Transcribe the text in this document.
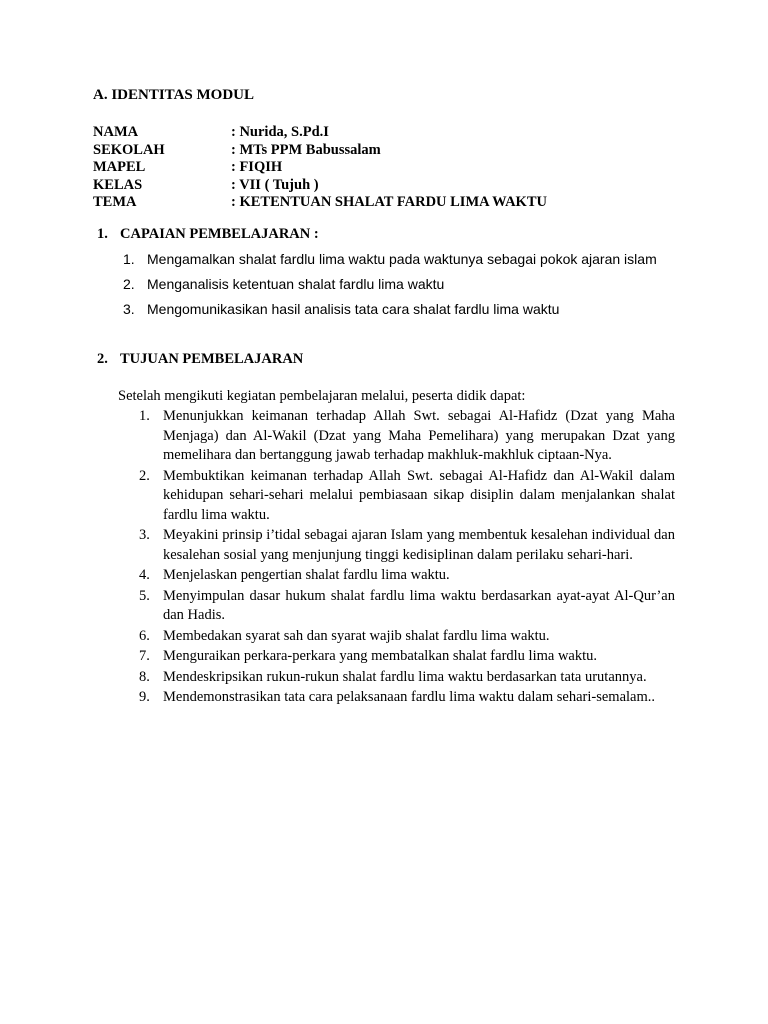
A. IDENTITAS MODUL
NAMA	: Nurida, S.Pd.I
SEKOLAH	: MTs PPM Babussalam
MAPEL	: FIQIH
KELAS	: VII ( Tujuh )
TEMA	: KETENTUAN SHALAT FARDU LIMA WAKTU
1. CAPAIAN PEMBELAJARAN :
1. Mengamalkan shalat fardlu lima waktu pada waktunya sebagai pokok ajaran islam
2. Menganalisis ketentuan shalat fardlu lima waktu
3. Mengomunikasikan hasil analisis tata cara shalat fardlu lima waktu
2. TUJUAN PEMBELAJARAN
Setelah mengikuti kegiatan pembelajaran melalui, peserta didik dapat:
1. Menunjukkan keimanan terhadap Allah Swt. sebagai Al-Hafidz (Dzat yang Maha Menjaga) dan Al-Wakil (Dzat yang Maha Pemelihara) yang merupakan Dzat yang memelihara dan bertanggung jawab terhadap makhluk-makhluk ciptaan-Nya.
2. Membuktikan keimanan terhadap Allah Swt. sebagai Al-Hafidz dan Al-Wakil dalam kehidupan sehari-sehari melalui pembiasaan sikap disiplin dalam menjalankan shalat fardlu lima waktu.
3. Meyakini prinsip i’tidal sebagai ajaran Islam yang membentuk kesalehan individual dan kesalehan sosial yang menjunjung tinggi kedisiplinan dalam perilaku sehari-hari.
4. Menjelaskan pengertian shalat fardlu lima waktu.
5. Menyimpulan dasar hukum shalat fardlu lima waktu berdasarkan ayat-ayat Al-Qur’an dan Hadis.
6. Membedakan syarat sah dan syarat wajib shalat fardlu lima waktu.
7. Menguraikan perkara-perkara yang membatalkan shalat fardlu lima waktu.
8. Mendeskripsikan rukun-rukun shalat fardlu lima waktu berdasarkan tata urutannya.
9. Mendemonstrasikan tata cara pelaksanaan fardlu lima waktu dalam sehari-semalam..
